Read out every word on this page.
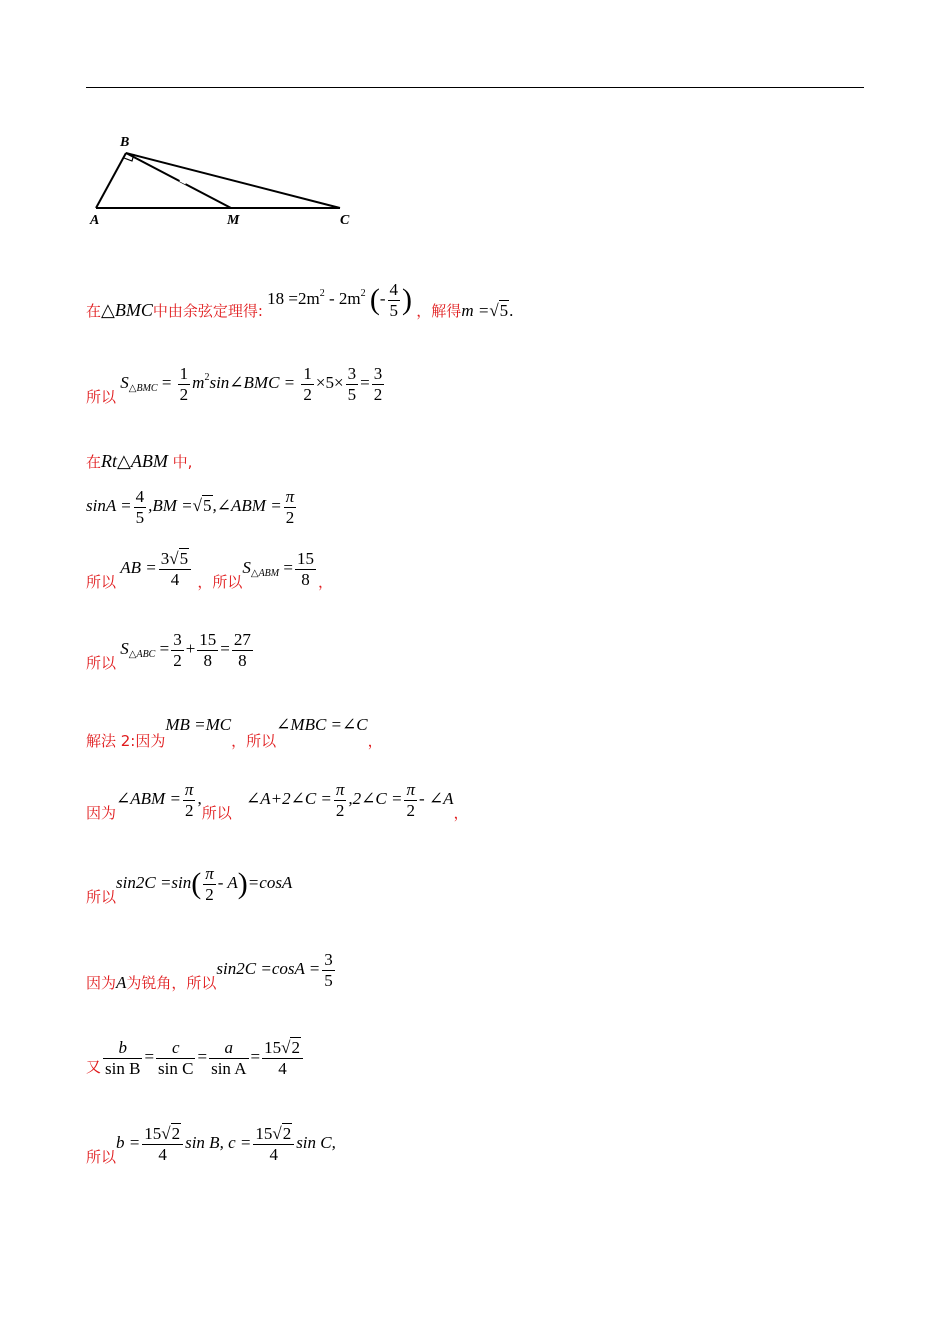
B
A	M	C
在△BMC中由余弦定理得: $18 =2m^2 - 2m^2$ (- $\frac{4}{5}$ ) ，解得m =√5.
所以 $S_{\triangle BMC} = \frac{1}{2}$ $m^2\sin\angle BMC = \frac{1}{2} \times 5\times \frac{3}{5} = \frac{3}{2}$
在Rt△ABM 中,
$\sin A = \frac{4}{5} ,BM$ =√5,∠ABM = $\frac{\pi}{2}$
所以 AB = $\frac{3√5}{4}$ ，所以$S_{\triangle ABM} = \frac{15}{8}$ ，
所以 $S_{\triangle ABC} = \frac{3}{2} + \frac{15}{8} = \frac{27}{8}$
解法 2:因为MB =MC，所以∠MBC =∠C，
因为∠ABM = $\frac{\pi}{2}$ ,所以 ∠A+2∠C = $\frac{\pi}{2}$ ,2∠C = $\frac{\pi}{2}$ - ∠A，
所以$\sin 2C =\sin( \frac{\pi}{2} - A)=\cos A$
因为A为锐角，所以$\sin 2C =\cos A = \frac{3}{5}$
又 $\frac{b}{\text{sin B}} = \frac{c}{\text{sin C}} = \frac{a}{\text{sin A}} = \frac{15√2}{4}$
所以$b = \frac{15√2}{4}$ sin B, $c = \frac{15√2}{4}$ sin C,
